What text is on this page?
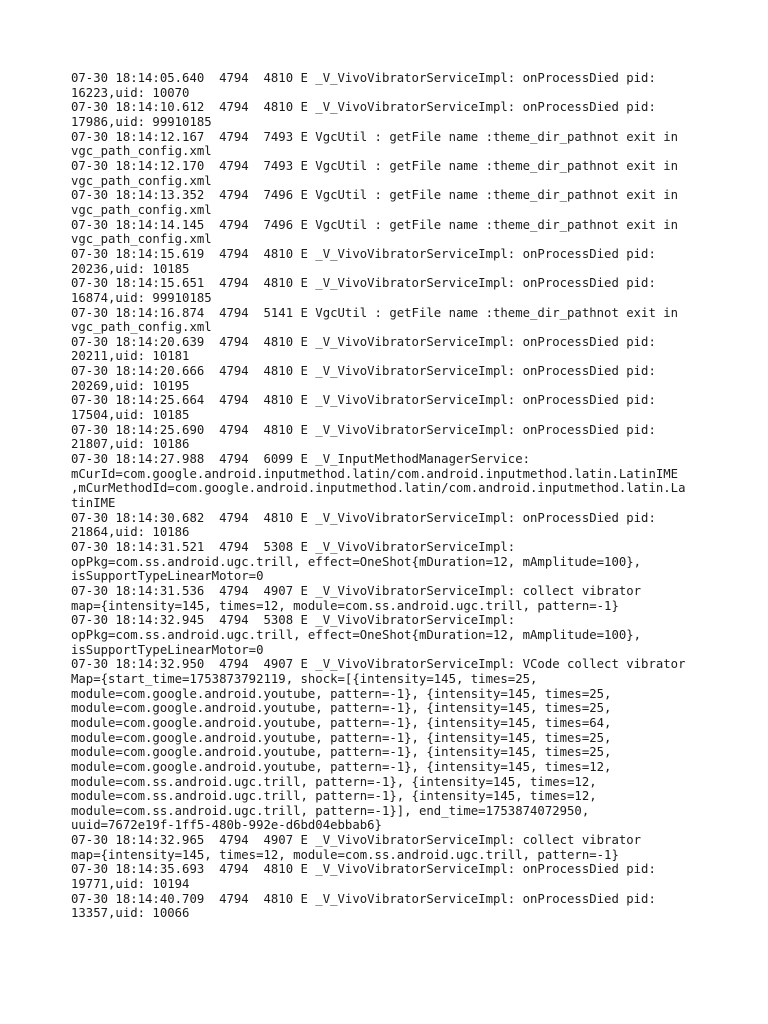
07-30 18:14:05.640  4794  4810 E _V_VivoVibratorServiceImpl: onProcessDied pid:
16223,uid: 10070
07-30 18:14:10.612  4794  4810 E _V_VivoVibratorServiceImpl: onProcessDied pid:
17986,uid: 99910185
07-30 18:14:12.167  4794  7493 E VgcUtil : getFile name :theme_dir_pathnot exit in
vgc_path_config.xml
07-30 18:14:12.170  4794  7493 E VgcUtil : getFile name :theme_dir_pathnot exit in
vgc_path_config.xml
07-30 18:14:13.352  4794  7496 E VgcUtil : getFile name :theme_dir_pathnot exit in
vgc_path_config.xml
07-30 18:14:14.145  4794  7496 E VgcUtil : getFile name :theme_dir_pathnot exit in
vgc_path_config.xml
07-30 18:14:15.619  4794  4810 E _V_VivoVibratorServiceImpl: onProcessDied pid:
20236,uid: 10185
07-30 18:14:15.651  4794  4810 E _V_VivoVibratorServiceImpl: onProcessDied pid:
16874,uid: 99910185
07-30 18:14:16.874  4794  5141 E VgcUtil : getFile name :theme_dir_pathnot exit in
vgc_path_config.xml
07-30 18:14:20.639  4794  4810 E _V_VivoVibratorServiceImpl: onProcessDied pid:
20211,uid: 10181
07-30 18:14:20.666  4794  4810 E _V_VivoVibratorServiceImpl: onProcessDied pid:
20269,uid: 10195
07-30 18:14:25.664  4794  4810 E _V_VivoVibratorServiceImpl: onProcessDied pid:
17504,uid: 10185
07-30 18:14:25.690  4794  4810 E _V_VivoVibratorServiceImpl: onProcessDied pid:
21807,uid: 10186
07-30 18:14:27.988  4794  6099 E _V_InputMethodManagerService:
mCurId=com.google.android.inputmethod.latin/com.android.inputmethod.latin.LatinIME
,mCurMethodId=com.google.android.inputmethod.latin/com.android.inputmethod.latin.La
tinIME
07-30 18:14:30.682  4794  4810 E _V_VivoVibratorServiceImpl: onProcessDied pid:
21864,uid: 10186
07-30 18:14:31.521  4794  5308 E _V_VivoVibratorServiceImpl:
opPkg=com.ss.android.ugc.trill, effect=OneShot{mDuration=12, mAmplitude=100},
isSupportTypeLinearMotor=0
07-30 18:14:31.536  4794  4907 E _V_VivoVibratorServiceImpl: collect vibrator
map={intensity=145, times=12, module=com.ss.android.ugc.trill, pattern=-1}
07-30 18:14:32.945  4794  5308 E _V_VivoVibratorServiceImpl:
opPkg=com.ss.android.ugc.trill, effect=OneShot{mDuration=12, mAmplitude=100},
isSupportTypeLinearMotor=0
07-30 18:14:32.950  4794  4907 E _V_VivoVibratorServiceImpl: VCode collect vibrator
Map={start_time=1753873792119, shock=[{intensity=145, times=25,
module=com.google.android.youtube, pattern=-1}, {intensity=145, times=25,
module=com.google.android.youtube, pattern=-1}, {intensity=145, times=25,
module=com.google.android.youtube, pattern=-1}, {intensity=145, times=64,
module=com.google.android.youtube, pattern=-1}, {intensity=145, times=25,
module=com.google.android.youtube, pattern=-1}, {intensity=145, times=25,
module=com.google.android.youtube, pattern=-1}, {intensity=145, times=12,
module=com.ss.android.ugc.trill, pattern=-1}, {intensity=145, times=12,
module=com.ss.android.ugc.trill, pattern=-1}, {intensity=145, times=12,
module=com.ss.android.ugc.trill, pattern=-1}], end_time=1753874072950,
uuid=7672e19f-1ff5-480b-992e-d6bd04ebbab6}
07-30 18:14:32.965  4794  4907 E _V_VivoVibratorServiceImpl: collect vibrator
map={intensity=145, times=12, module=com.ss.android.ugc.trill, pattern=-1}
07-30 18:14:35.693  4794  4810 E _V_VivoVibratorServiceImpl: onProcessDied pid:
19771,uid: 10194
07-30 18:14:40.709  4794  4810 E _V_VivoVibratorServiceImpl: onProcessDied pid:
13357,uid: 10066
